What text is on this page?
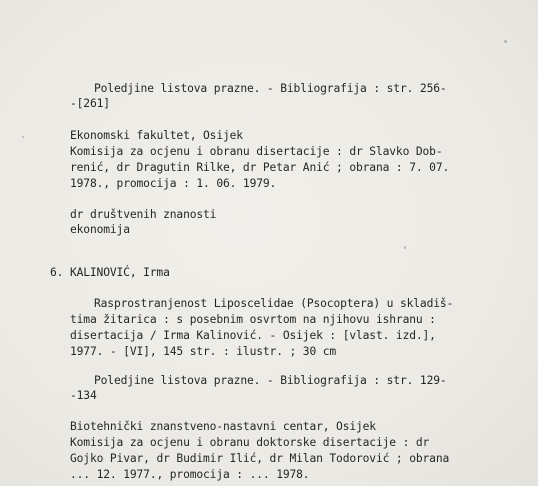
Poledjine listova prazne. - Bibliografija : str. 256-
-[261]
Ekonomski fakultet, Osijek
Komisija za ocjenu i obranu disertacije : dr Slavko Dob-
renić, dr Dragutin Rilke, dr Petar Anić ; obrana : 7. 07.
1978., promocija : 1. 06. 1979.
dr društvenih znanosti
ekonomija
6. KALINOVIĆ, Irma
Rasprostranjenost Liposcelidae (Psocoptera) u skladiš-
tima žitarica : s posebnim osvrtom na njihovu ishranu :
disertacija / Irma Kalinović. - Osijek : [vlast. izd.],
1977. - [VI], 145 str. : ilustr. ; 30 cm
Poledjine listova prazne. - Bibliografija : str. 129-
-134
Biotehnički znanstveno-nastavni centar, Osijek
Komisija za ocjenu i obranu doktorske disertacije : dr
Gojko Pivar, dr Budimir Ilić, dr Milan Todorović ; obrana
... 12. 1977., promocija : ... 1978.
